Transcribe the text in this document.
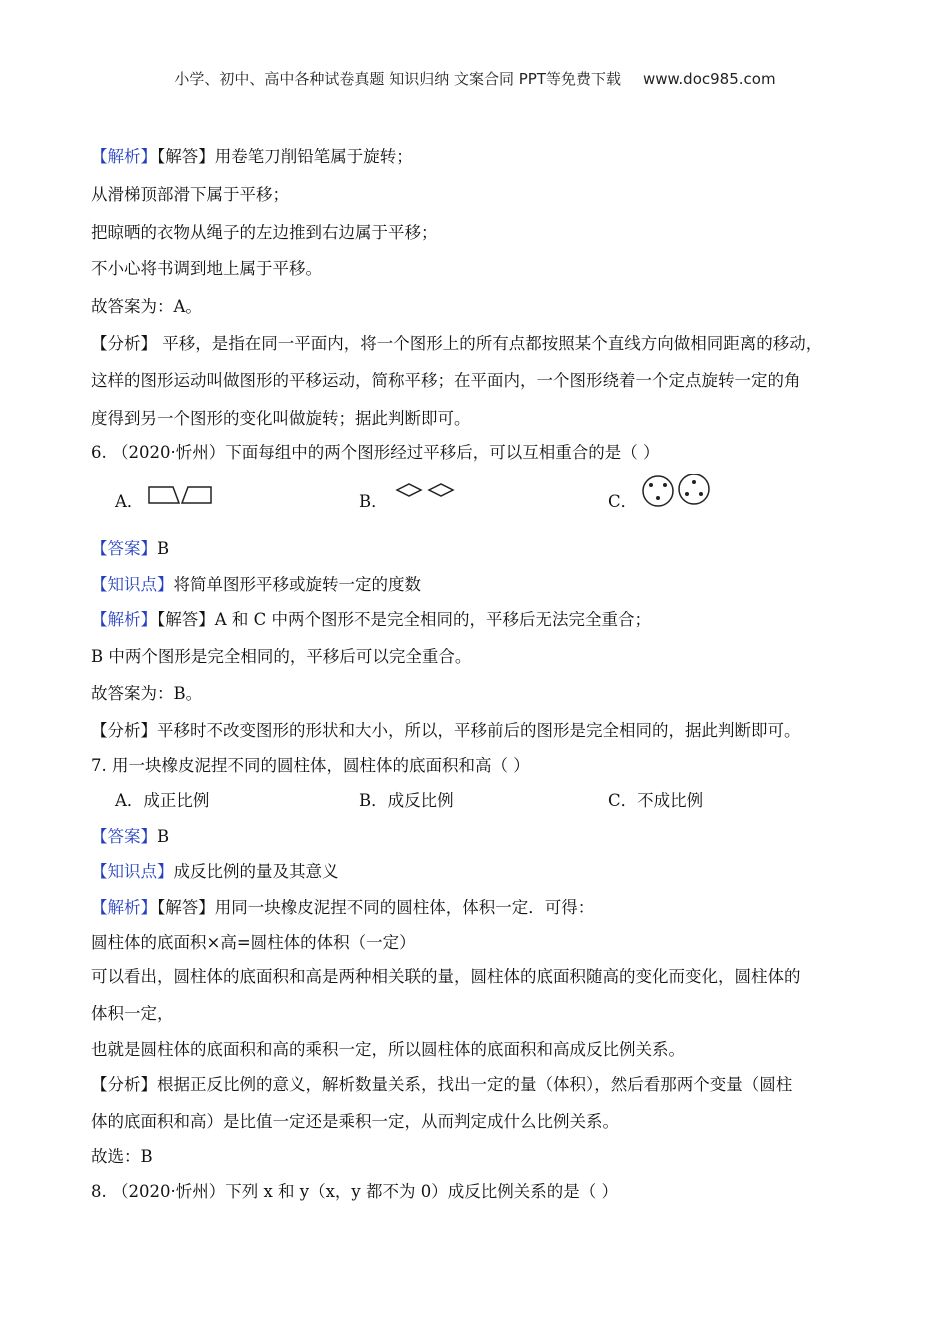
小学、初中、高中各种试卷真题 知识归纳 文案合同 PPT等免费下载 www.doc985.com
【解析】【解答】用卷笔刀削铅笔属于旋转；
从滑梯顶部滑下属于平移；
把晾晒的衣物从绳子的左边推到右边属于平移；
不小心将书调到地上属于平移。
故答案为：A。
【分析】 平移，是指在同一平面内，将一个图形上的所有点都按照某个直线方向做相同距离的移动，
这样的图形运动叫做图形的平移运动，简称平移；在平面内，一个图形绕着一个定点旋转一定的角
度得到另一个图形的变化叫做旋转；据此判断即可。
6. （2020·忻州）下面每组中的两个图形经过平移后，可以互相重合的是（ ）
A．	B．	C．
【答案】B
【知识点】将简单图形平移或旋转一定的度数
【解析】【解答】A 和 C 中两个图形不是完全相同的，平移后无法完全重合；
B 中两个图形是完全相同的，平移后可以完全重合。
故答案为：B。
【分析】平移时不改变图形的形状和大小，所以，平移前后的图形是完全相同的，据此判断即可。
7. 用一块橡皮泥捏不同的圆柱体，圆柱体的底面积和高（ ）
A．成正比例	B．成反比例	C．不成比例
【答案】B
【知识点】成反比例的量及其意义
【解析】【解答】用同一块橡皮泥捏不同的圆柱体，体积一定．可得：
圆柱体的底面积×高=圆柱体的体积（一定）
可以看出，圆柱体的底面积和高是两种相关联的量，圆柱体的底面积随高的变化而变化，圆柱体的
体积一定，
也就是圆柱体的底面积和高的乘积一定，所以圆柱体的底面积和高成反比例关系。
【分析】根据正反比例的意义，解析数量关系，找出一定的量（体积），然后看那两个变量（圆柱
体的底面积和高）是比值一定还是乘积一定，从而判定成什么比例关系。
故选：B
8. （2020·忻州）下列 x 和 y（x，y 都不为 0）成反比例关系的是（ ）
